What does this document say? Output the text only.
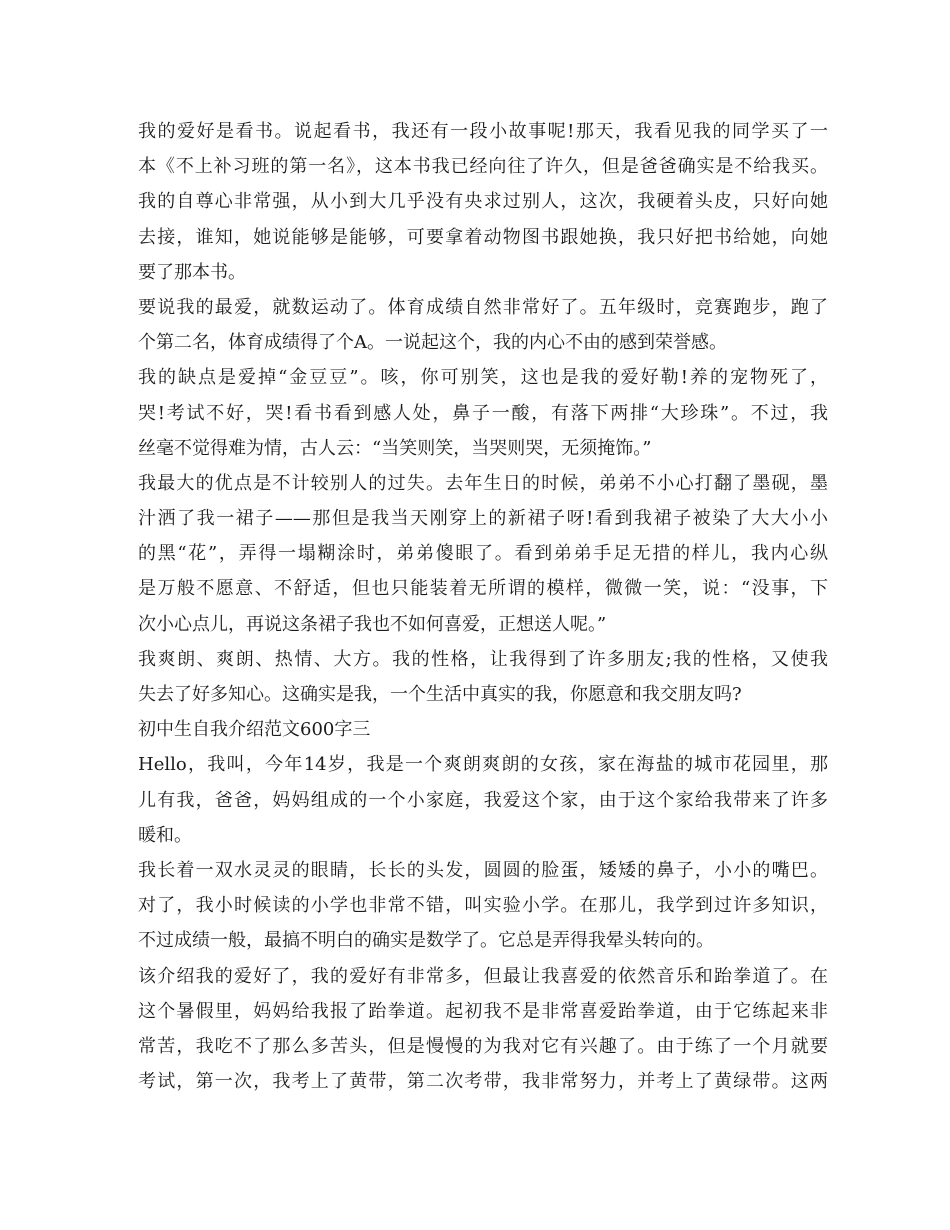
我的爱好是看书。说起看书，我还有一段小故事呢!那天，我看见我的同学买了一
本《不上补习班的第一名》，这本书我已经向往了许久，但是爸爸确实是不给我买。
我的自尊心非常强，从小到大几乎没有央求过别人，这次，我硬着头皮，只好向她
去接，谁知，她说能够是能够，可要拿着动物图书跟她换，我只好把书给她，向她
要了那本书。
要说我的最爱，就数运动了。体育成绩自然非常好了。五年级时，竞赛跑步，跑了
个第二名，体育成绩得了个A。一说起这个，我的内心不由的感到荣誉感。
我的缺点是爱掉“金豆豆”。咳，你可别笑，这也是我的爱好勒!养的宠物死了，
哭!考试不好，哭!看书看到感人处，鼻子一酸，有落下两排“大珍珠”。不过，我
丝毫不觉得难为情，古人云：“当笑则笑，当哭则哭，无须掩饰。”
我最大的优点是不计较别人的过失。去年生日的时候，弟弟不小心打翻了墨砚，墨
汁洒了我一裙子——那但是我当天刚穿上的新裙子呀!看到我裙子被染了大大小小
的黑“花”，弄得一塌糊涂时，弟弟傻眼了。看到弟弟手足无措的样儿，我内心纵
是万般不愿意、不舒适，但也只能装着无所谓的模样，微微一笑，说：“没事，下
次小心点儿，再说这条裙子我也不如何喜爱，正想送人呢。”
我爽朗、爽朗、热情、大方。我的性格，让我得到了许多朋友;我的性格，又使我
失去了好多知心。这确实是我，一个生活中真实的我，你愿意和我交朋友吗?
初中生自我介绍范文600字三
Hello，我叫，今年14岁，我是一个爽朗爽朗的女孩，家在海盐的城市花园里，那
儿有我，爸爸，妈妈组成的一个小家庭，我爱这个家，由于这个家给我带来了许多
暖和。
我长着一双水灵灵的眼睛，长长的头发，圆圆的脸蛋，矮矮的鼻子，小小的嘴巴。
对了，我小时候读的小学也非常不错，叫实验小学。在那儿，我学到过许多知识，
不过成绩一般，最搞不明白的确实是数学了。它总是弄得我晕头转向的。
该介绍我的爱好了，我的爱好有非常多，但最让我喜爱的依然音乐和跆拳道了。在
这个暑假里，妈妈给我报了跆拳道。起初我不是非常喜爱跆拳道，由于它练起来非
常苦，我吃不了那么多苦头，但是慢慢的为我对它有兴趣了。由于练了一个月就要
考试，第一次，我考上了黄带，第二次考带，我非常努力，并考上了黄绿带。这两
